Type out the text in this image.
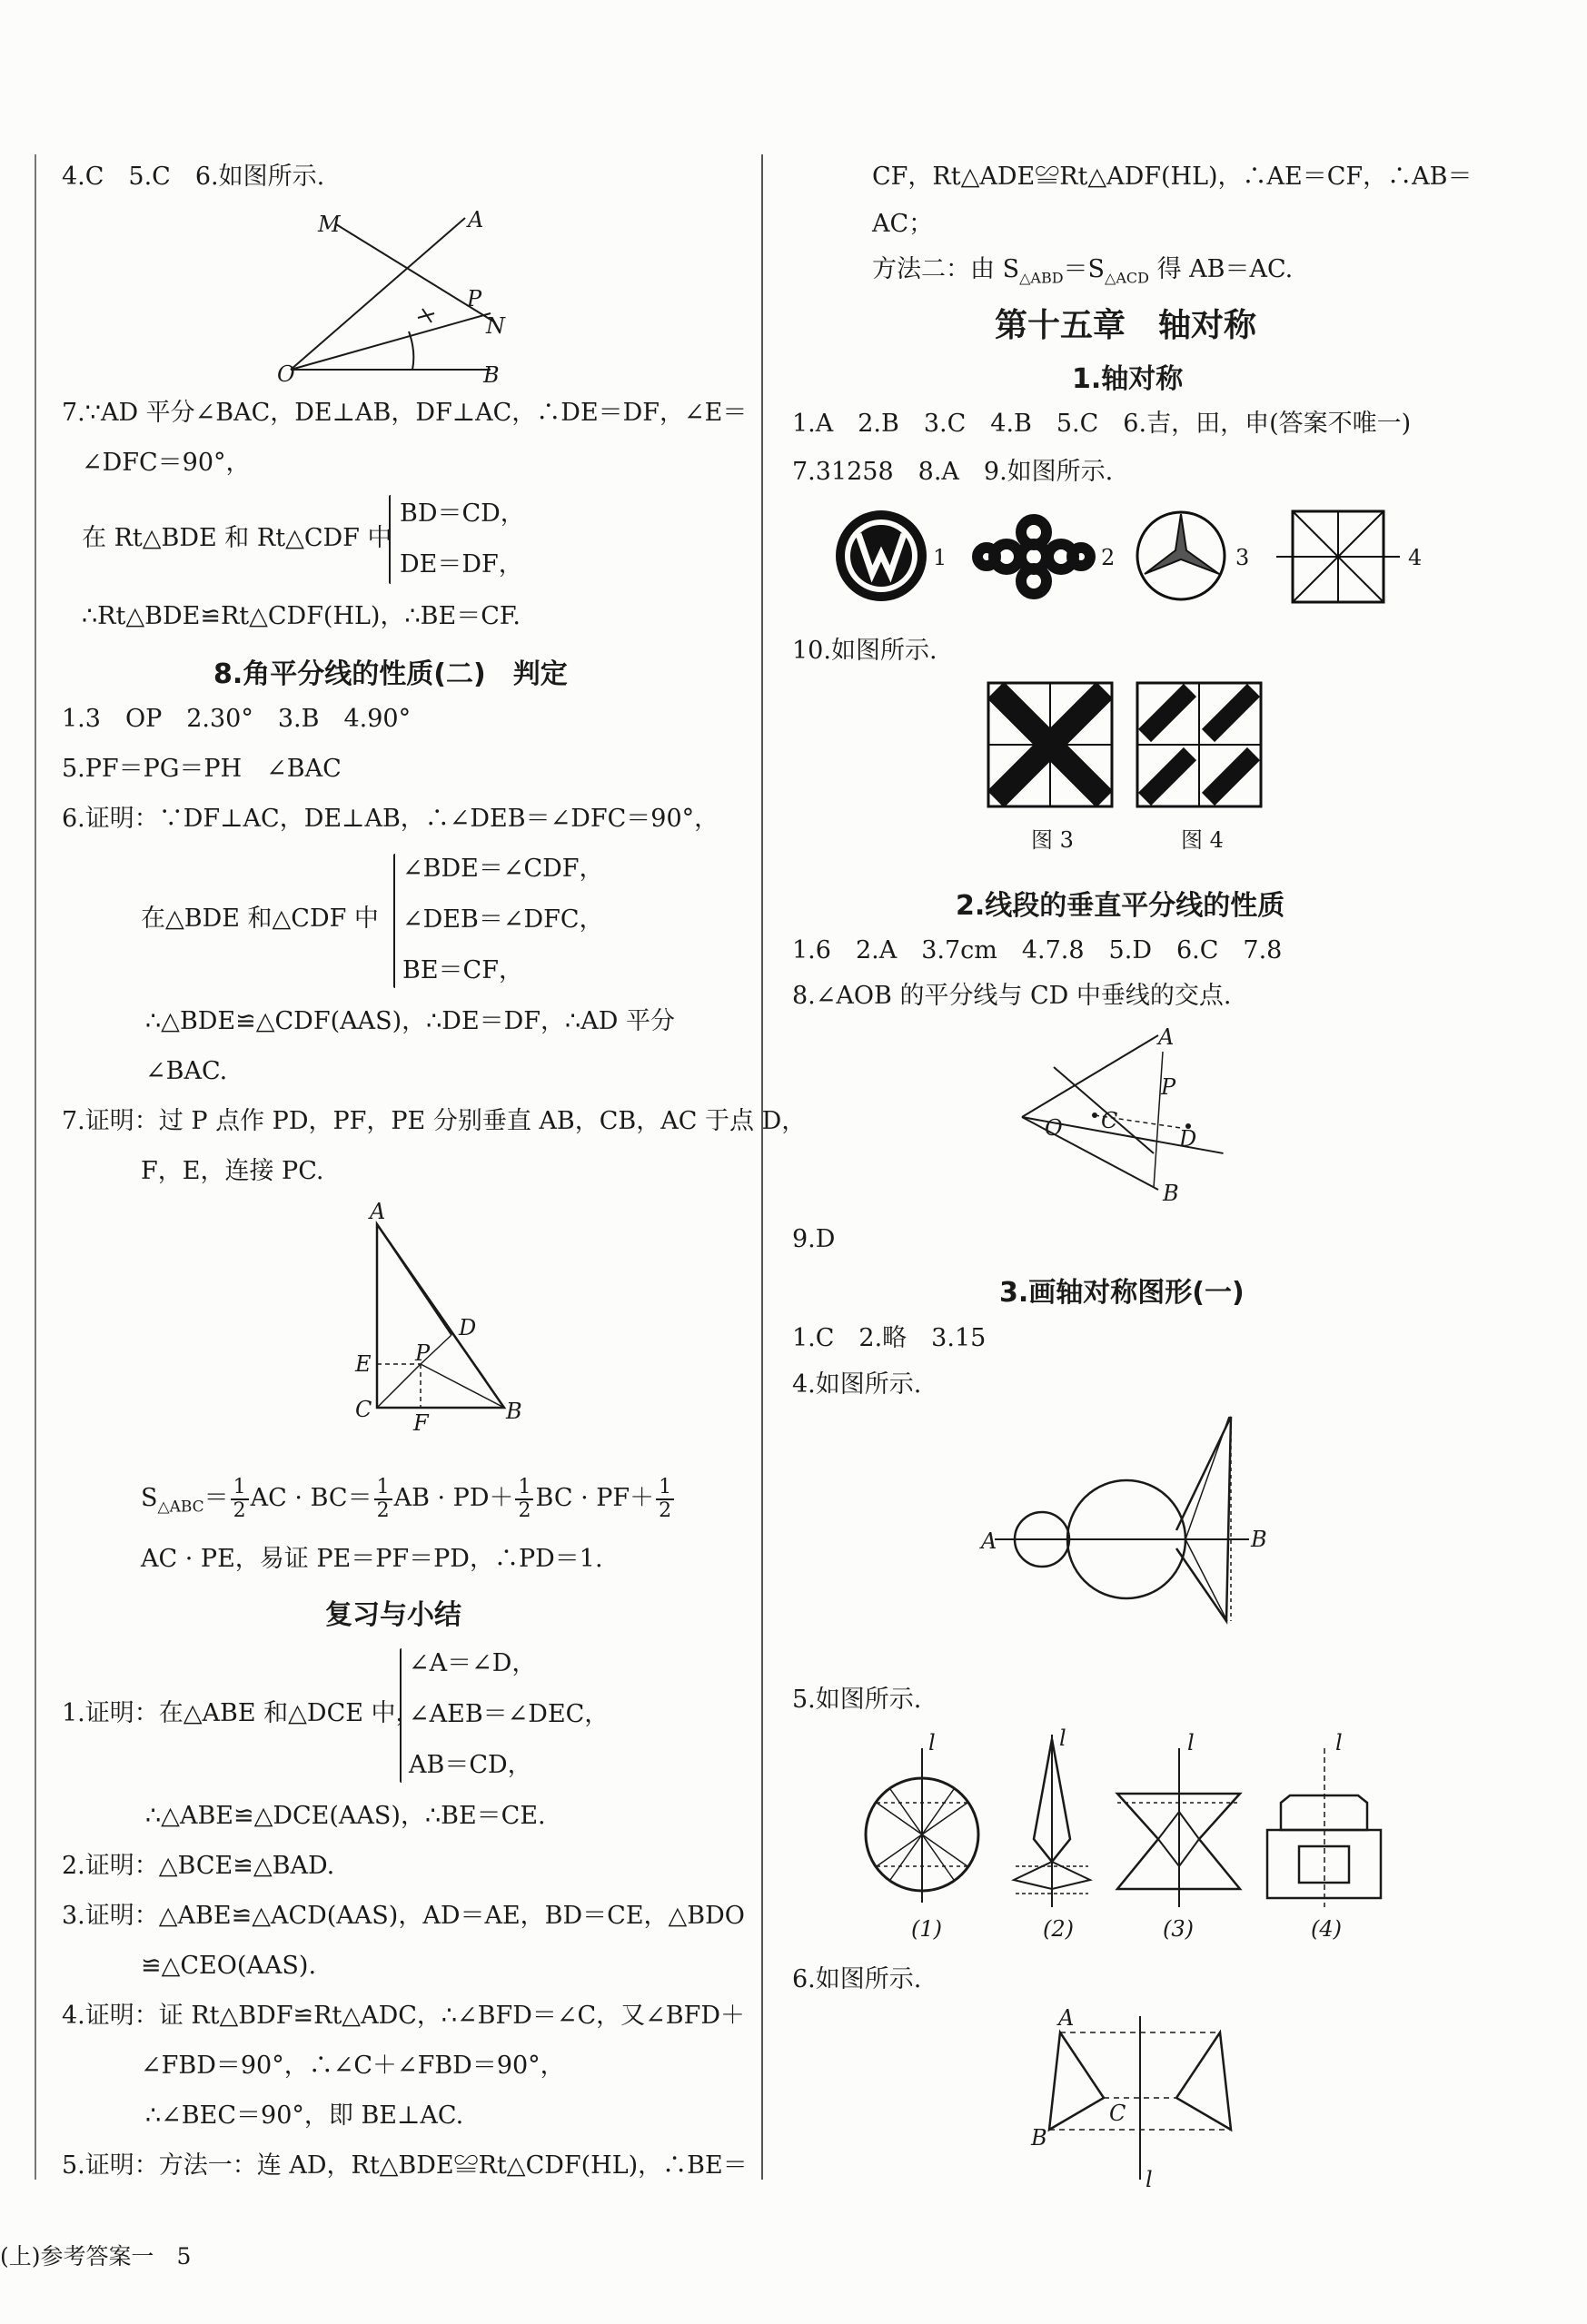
4.C　5.C　6.如图所示.
O	B
A
M
P
N
7.∵AD 平分∠BAC，DE⊥AB，DF⊥AC，∴DE＝DF，∠E＝
∠DFC＝90°，
在 Rt△BDE 和 Rt△CDF 中
BD＝CD，
DE＝DF，
∴Rt△BDE≌Rt△CDF(HL)，∴BE＝CF.
8.角平分线的性质(二)　判定
1.3　OP　2.30°　3.B　4.90°
5.PF＝PG＝PH　∠BAC
6.证明：∵DF⊥AC，DE⊥AB，∴∠DEB＝∠DFC＝90°，
在△BDE 和△CDF 中
∠BDE＝∠CDF，
∠DEB＝∠DFC，
BE＝CF，
∴△BDE≌△CDF(AAS)，∴DE＝DF，∴AD 平分
∠BAC.
7.证明：过 P 点作 PD，PF，PE 分别垂直 AB，CB，AC 于点 D，
F，E，连接 PC.
A
D
P
E
C
F	B
$S_{\triangle ABC}= \frac{1}{2}$ AC · $BC= \frac{1}{2}$ AB · $PD+ \frac{1}{2}$ BC · $PF+ \frac{1}{2}$
AC · PE，易证 PE＝PF＝PD，∴PD＝1.
复习与小结
1.证明：在△ABE 和△DCE 中，
∠A＝∠D，
∠AEB＝∠DEC，
AB＝CD，
∴△ABE≌△DCE(AAS)，∴BE＝CE.
2.证明：△BCE≌△BAD.
3.证明：△ABE≌△ACD(AAS)，AD＝AE，BD＝CE，△BDO
≌△CEO(AAS).
4.证明：证 Rt△BDF≌Rt△ADC，∴∠BFD＝∠C，又∠BFD＋
∠FBD＝90°，∴∠C＋∠FBD＝90°，
∴∠BEC＝90°，即 BE⊥AC.
5.证明：方法一：连 AD，Rt△BDE≌Rt△CDF(HL)，∴BE＝
(上)参考答案一　5
CF，Rt△ADE≌Rt△ADF(HL)，∴AE＝CF，∴AB＝
AC；
方法二：由 $S_{\triangle ABD}=S_{\triangle ACD}$ 得 AB＝AC.
第十五章　轴对称
1.轴对称
1.A　2.B　3.C　4.B　5.C　6.吉，田，申(答案不唯一)
7.31258　8.A　9.如图所示.
1	2	3	4
10.如图所示.
图 3	图 4
2.线段的垂直平分线的性质
1.6　2.A　3.7cm　4.7.8　5.D　6.C　7.8
8.∠AOB 的平分线与 CD 中垂线的交点.
A
P
O C
D
B
9.D
3.画轴对称图形(一)
1.C　2.略　3.15
4.如图所示.
A	B
5.如图所示.
l	l	l	l
(1)	(2)	(3)	(4)
6.如图所示.
A
B
C
l
